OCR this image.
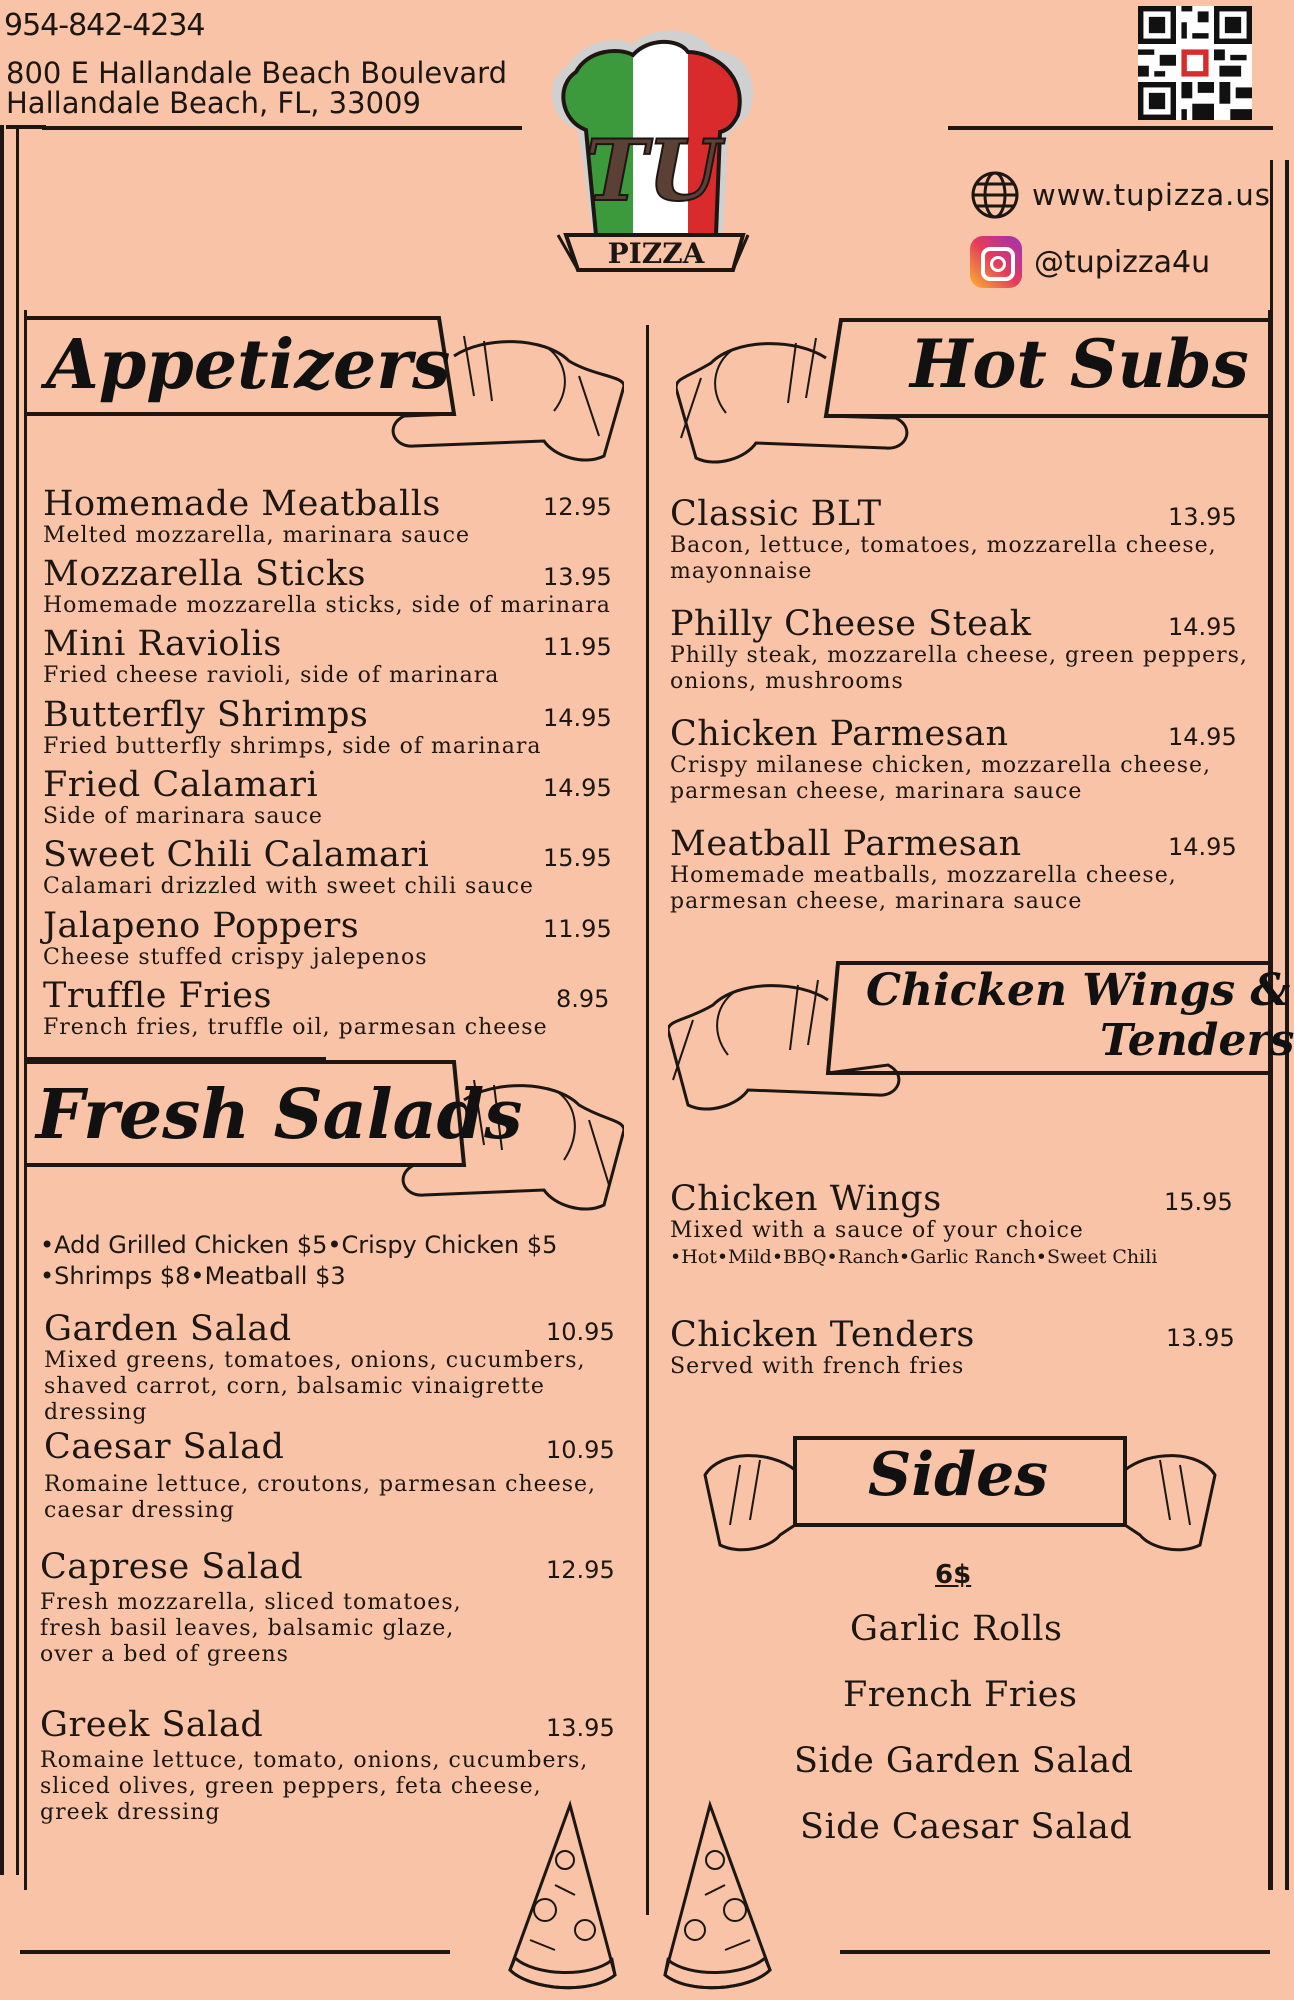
954-842-4234
800 E Hallandale Beach Boulevard
Hallandale Beach, FL, 33009
TU
PIZZA
www.tupizza.us
@tupizza4u
Appetizers	Hot Subs
Fresh Salads
Chicken Wings &
Tenders
Sides
Homemade Meatballs	12.95
Melted mozzarella, marinara sauce
Mozzarella Sticks	13.95
Homemade mozzarella sticks, side of marinara
Mini Raviolis	11.95
Fried cheese ravioli, side of marinara
Butterfly Shrimps	14.95
Fried butterfly shrimps, side of marinara
Fried Calamari	14.95
Side of marinara sauce
Sweet Chili Calamari	15.95
Calamari drizzled with sweet chili sauce
Jalapeno Poppers	11.95
Cheese stuffed crispy jalepenos
Truffle Fries	8.95
French fries, truffle oil, parmesan cheese
•Add Grilled Chicken $5•Crispy Chicken $5
•Shrimps $8•Meatball $3
Garden Salad	10.95
Mixed greens, tomatoes, onions, cucumbers,
shaved carrot, corn, balsamic vinaigrette dressing
Caesar Salad	10.95
Romaine lettuce, croutons, parmesan cheese,
caesar dressing
Caprese Salad	12.95
Fresh mozzarella, sliced tomatoes,
fresh basil leaves, balsamic glaze,
over a bed of greens
Greek Salad	13.95
Romaine lettuce, tomato, onions, cucumbers,
sliced olives, green peppers, feta cheese,
greek dressing
Classic BLT	13.95
Bacon, lettuce, tomatoes, mozzarella cheese,
mayonnaise
Philly Cheese Steak	14.95
Philly steak, mozzarella cheese, green peppers,
onions, mushrooms
Chicken Parmesan	14.95
Crispy milanese chicken, mozzarella cheese,
parmesan cheese, marinara sauce
Meatball Parmesan	14.95
Homemade meatballs, mozzarella cheese,
parmesan cheese, marinara sauce
Chicken Wings	15.95
Mixed with a sauce of your choice
•Hot•Mild•BBQ•Ranch•Garlic Ranch•Sweet Chili
Chicken Tenders	13.95
Served with french fries
6$
Garlic Rolls
French Fries
Side Garden Salad
Side Caesar Salad
